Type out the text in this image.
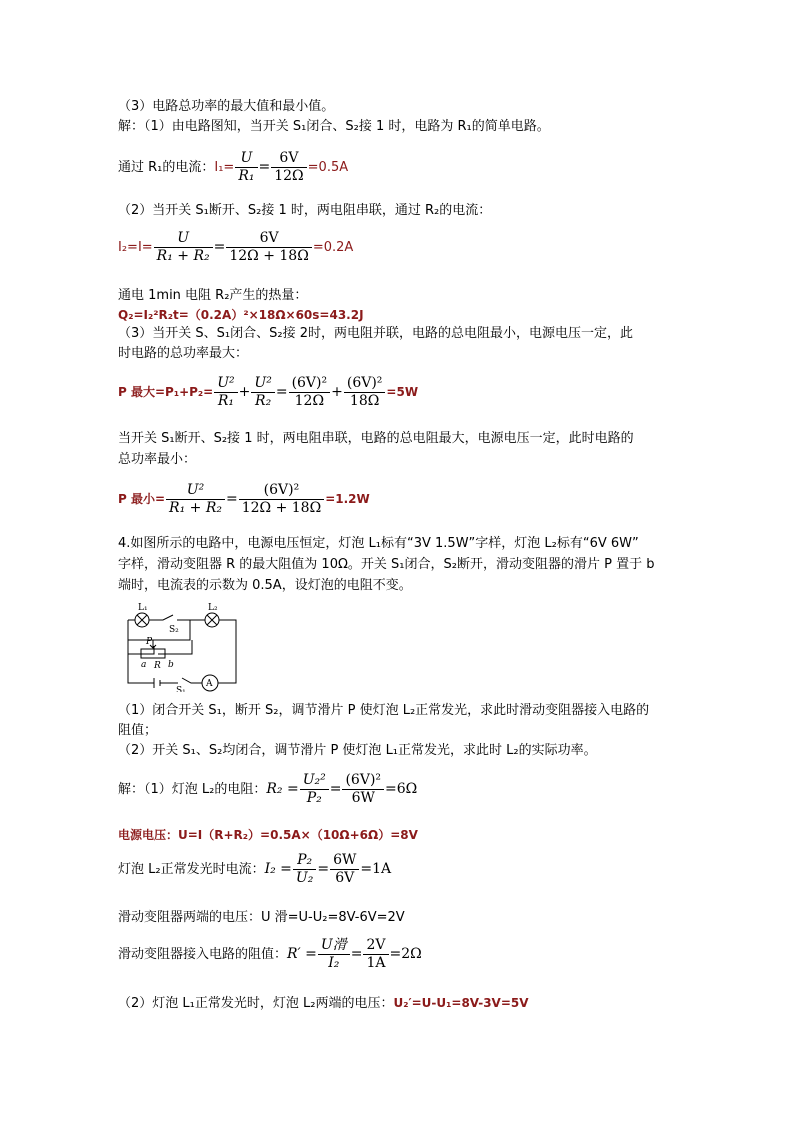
（3）电路总功率的最大值和最小值。
解：（1）由电路图知，当开关 S₁闭合、S₂接 1 时，电路为 R₁的简单电路。
通过 R₁的电流：$I_1= \frac{U}{\text{R₁}} = \frac{6V}{12\Omega} =0.5A$
（2）当开关 S₁断开、S₂接 1 时，两电阻串联，通过 R₂的电流：
$I_2=I= \frac{U}{\text{R₁ + R₂}} = \frac{6V}{12\Omega + 18\Omega} =0.2A$
通电 1min 电阻 R₂产生的热量：
Q₂=I₂²R₂t=（0.2A）²×18Ω×60s=43.2J
（3）当开关 S、S₁闭合、S₂接 2时，两电阻并联，电路的总电阻最小，电源电压一定，此
时电路的总功率最大：
P 最大$=P_1+P_2= \frac{\text{U²}}{\text{R₁}} + \frac{\text{U²}}{\text{R₂}} = \frac{\text{(6V)²}}{12\Omega} + \frac{\text{(6V)²}}{18\Omega} =5W$
当开关 S₁断开、S₂接 1 时，两电阻串联，电路的总电阻最大，电源电压一定，此时电路的
总功率最小：
P 最小= $\frac{\text{U²}}{\text{R₁ + R₂}} = \frac{\text{(6V)²}}{12\Omega + 18\Omega} =1.2W$
4.如图所示的电路中，电源电压恒定，灯泡 L₁标有“3V 1.5W”字样，灯泡 L₂标有“6V 6W”
字样，滑动变阻器 R 的最大阻值为 10Ω。开关 S₁闭合，S₂断开，滑动变阻器的滑片 P 置于 b
端时，电流表的示数为 0.5A，设灯泡的电阻不变。
L₁	L₂
S₂
P
a R b
S₁
A
（1）闭合开关 S₁，断开 S₂，调节滑片 P 使灯泡 L₂正常发光，求此时滑动变阻器接入电路的
阻值；
（2）开关 S₁、S₂均闭合，调节滑片 P 使灯泡 L₁正常发光，求此时 L₂的实际功率。
解：（1）灯泡 L₂的电阻：$R_2 = \frac{\text{U₂²}}{\text{P₂}} = \frac{\text{(6V)²}}{6W} =6\Omega$
电源电压：U=I（R+R₂）=0.5A×（10Ω+6Ω）=8V
灯泡 L₂正常发光时电流：$I_2 = \frac{\text{P₂}}{\text{U₂}} = \frac{6W}{6V} =1A$
滑动变阻器两端的电压：U 滑=U-U₂=8V-6V=2V
滑动变阻器接入电路的阻值：$R' = \frac{\text{U滑}}{\text{I₂}} = \frac{2V}{1A} =2\Omega$
（2）灯泡 L₁正常发光时，灯泡 L₂两端的电压：U₂′=U-U₁=8V-3V=5V
